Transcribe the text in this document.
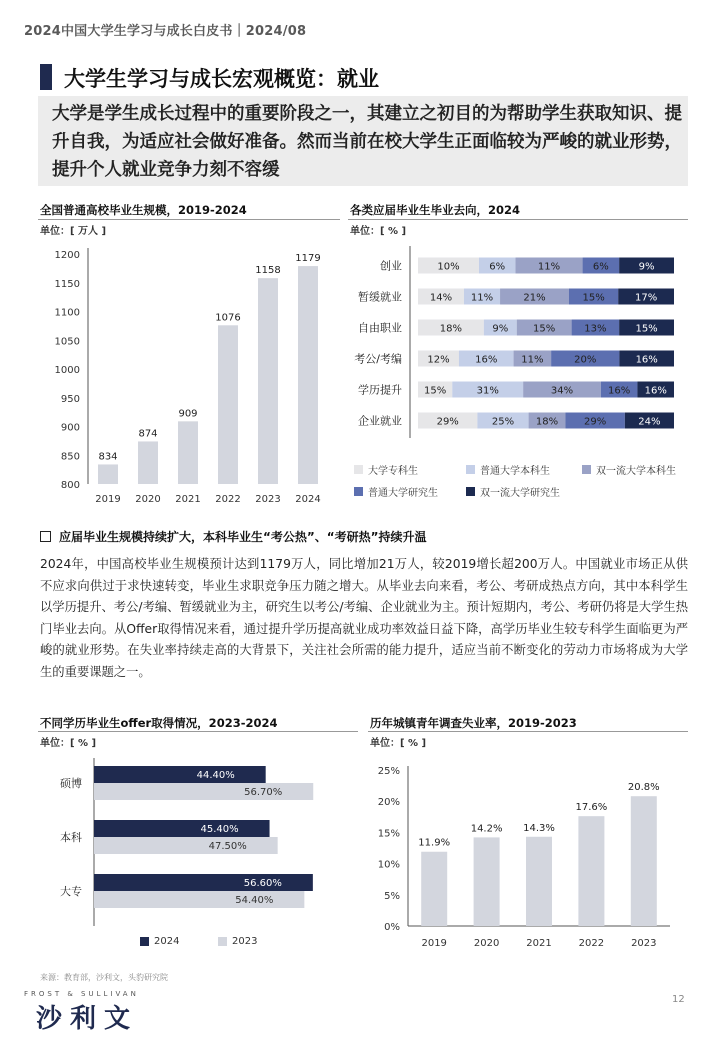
2024中国大学生学习与成长白皮书｜2024/08
大学生学习与成长宏观概览：就业
大学是学生成长过程中的重要阶段之一，其建立之初目的为帮助学生获取知识、提升自我，为适应社会做好准备。然而当前在校大学生正面临较为严峻的就业形势，提升个人就业竞争力刻不容缓
全国普通高校毕业生规模，2019-2024
单位：[ 万人 ]
800
850
900
950
1000
1050
1100
1150
1200
834
2019
874
2020
909
2021
1076
2022
1158
2023
1179
2024
各类应届毕业生毕业去向，2024
单位：[ % ]
创业	10%	6%	11%	6%	9%
暂缓就业	14% 11%	21%	15%	17%
自由职业	18%	9% 15%	13%	15%
考公/考编	12%	16% 11%	20%	16%
学历提升 15%	31%	34%	16% 16%
企业就业	29%	25% 18%	29%	24%
大学专科生	普通大学本科生	双一流大学本科生
普通大学研究生	双一流大学研究生
应届毕业生规模持续扩大，本科毕业生“考公热”、“考研热”持续升温
2024年，中国高校毕业生规模预计达到1179万人，同比增加21万人，较2019增长超200万人。中国就业市场正从供不应求向供过于求快速转变，毕业生求职竞争压力随之增大。从毕业去向来看，考公、考研成热点方向，其中本科学生以学历提升、考公/考编、暂缓就业为主，研究生以考公/考编、企业就业为主。预计短期内，考公、考研仍将是大学生热门毕业去向。从Offer取得情况来看，通过提升学历提高就业成功率效益日益下降，高学历毕业生较专科学生面临更为严峻的就业形势。在失业率持续走高的大背景下，关注社会所需的能力提升，适应当前不断变化的劳动力市场将成为大学生的重要课题之一。
不同学历毕业生offer取得情况，2023-2024
单位：[ % ]
硕博
44.40%
56.70%
本科
45.40%
47.50%
大专
56.60%
54.40%
2024	2023
历年城镇青年调查失业率，2019-2023
单位：[ % ]
0%
5%
10%
15%
20%
25%
11.9%
2019
14.2%
2020
14.3%
2021
17.6%
2022
20.8%
2023
来源：教育部，沙利文，头豹研究院
FROST & SULLIVAN
沙利文
12
